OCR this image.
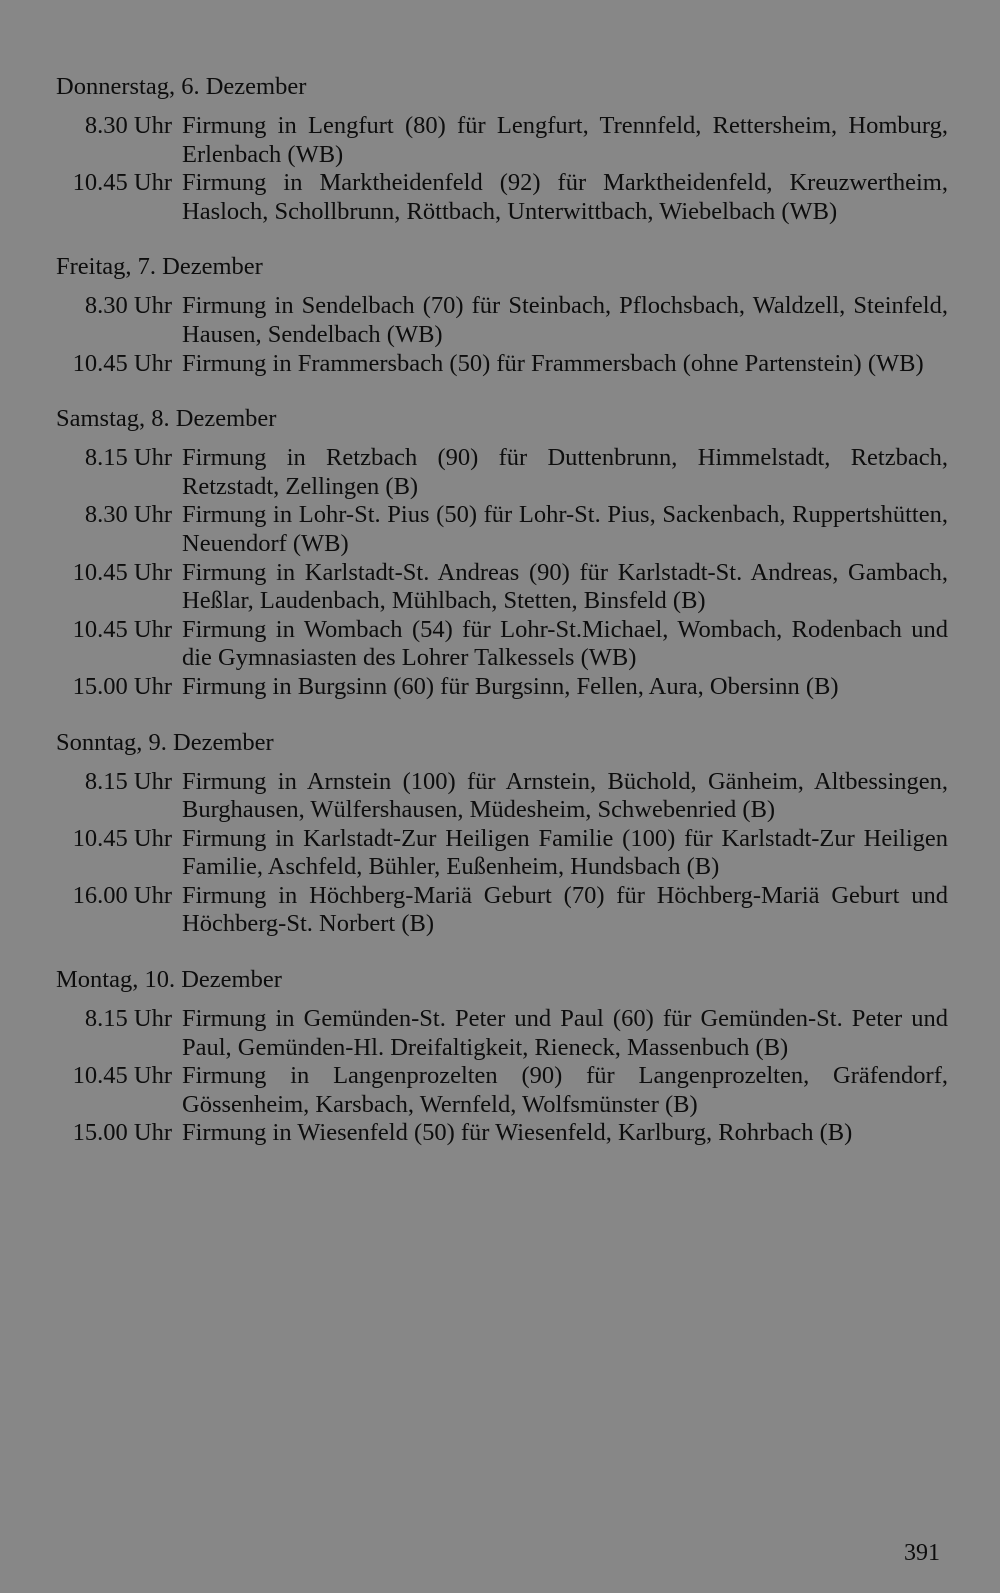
Donnerstag, 6. Dezember
8.30 Uhr Firmung in Lengfurt (80) für Lengfurt, Trennfeld, Rettersheim, Homburg, Erlenbach (WB)
10.45 Uhr Firmung in Marktheidenfeld (92) für Marktheidenfeld, Kreuzwertheim, Hasloch, Schollbrunn, Röttbach, Unterwittbach, Wiebelbach (WB)
Freitag, 7. Dezember
8.30 Uhr Firmung in Sendelbach (70) für Steinbach, Pflochsbach, Waldzell, Steinfeld, Hausen, Sendelbach (WB)
10.45 Uhr Firmung in Frammersbach (50) für Frammersbach (ohne Partenstein) (WB)
Samstag, 8. Dezember
8.15 Uhr Firmung in Retzbach (90) für Duttenbrunn, Himmelstadt, Retzbach, Retzstadt, Zellingen (B)
8.30 Uhr Firmung in Lohr-St. Pius (50) für Lohr-St. Pius, Sackenbach, Ruppertshütten, Neuendorf (WB)
10.45 Uhr Firmung in Karlstadt-St. Andreas (90) für Karlstadt-St. Andreas, Gambach, Heßlar, Laudenbach, Mühlbach, Stetten, Binsfeld (B)
10.45 Uhr Firmung in Wombach (54) für Lohr-St.Michael, Wombach, Rodenbach und die Gymnasiasten des Lohrer Talkessels (WB)
15.00 Uhr Firmung in Burgsinn (60) für Burgsinn, Fellen, Aura, Obersinn (B)
Sonntag, 9. Dezember
8.15 Uhr Firmung in Arnstein (100) für Arnstein, Büchold, Gänheim, Altbessingen, Burghausen, Wülfershausen, Müdesheim, Schwebenried (B)
10.45 Uhr Firmung in Karlstadt-Zur Heiligen Familie (100) für Karlstadt-Zur Heiligen Familie, Aschfeld, Bühler, Eußenheim, Hundsbach (B)
16.00 Uhr Firmung in Höchberg-Mariä Geburt (70) für Höchberg-Mariä Geburt und Höchberg-St. Norbert (B)
Montag, 10. Dezember
8.15 Uhr Firmung in Gemünden-St. Peter und Paul (60) für Gemünden-St. Peter und Paul, Gemünden-Hl. Dreifaltigkeit, Rieneck, Massenbuch (B)
10.45 Uhr Firmung in Langenprozelten (90) für Langenprozelten, Gräfendorf, Gössenheim, Karsbach, Wernfeld, Wolfsmünster (B)
15.00 Uhr Firmung in Wiesenfeld (50) für Wiesenfeld, Karlburg, Rohrbach (B)
391
